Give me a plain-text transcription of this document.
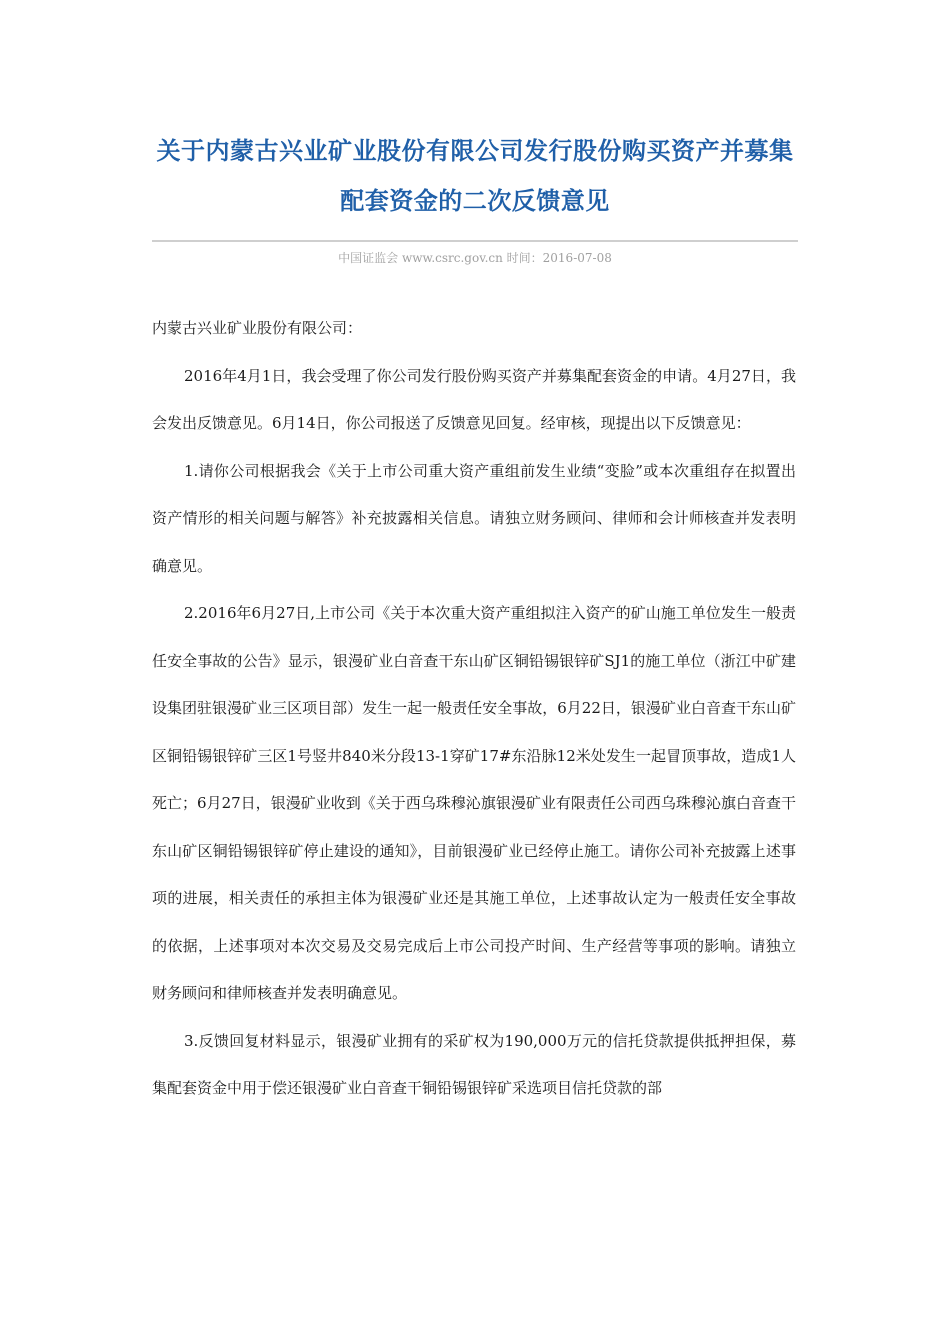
关于内蒙古兴业矿业股份有限公司发行股份购买资产并募集
配套资金的二次反馈意见
中国证监会 www.csrc.gov.cn 时间：2016-07-08

内蒙古兴业矿业股份有限公司：

2016年4月1日，我会受理了你公司发行股份购买资产并募集配套资金的申请。4月27日，我会发出反馈意见。6月14日，你公司报送了反馈意见回复。经审核，现提出以下反馈意见：

1.请你公司根据我会《关于上市公司重大资产重组前发生业绩“变脸”或本次重组存在拟置出资产情形的相关问题与解答》补充披露相关信息。请独立财务顾问、律师和会计师核查并发表明确意见。

2.2016年6月27日,上市公司《关于本次重大资产重组拟注入资产的矿山施工单位发生一般责任安全事故的公告》显示，银漫矿业白音查干东山矿区铜铅锡银锌矿SJ1的施工单位（浙江中矿建设集团驻银漫矿业三区项目部）发生一起一般责任安全事故，6月22日，银漫矿业白音查干东山矿区铜铅锡银锌矿三区1号竖井840米分段13-1穿矿17#东沿脉12米处发生一起冒顶事故，造成1人死亡；6月27日，银漫矿业收到《关于西乌珠穆沁旗银漫矿业有限责任公司西乌珠穆沁旗白音查干东山矿区铜铅锡银锌矿停止建设的通知》，目前银漫矿业已经停止施工。请你公司补充披露上述事项的进展，相关责任的承担主体为银漫矿业还是其施工单位，上述事故认定为一般责任安全事故的依据，上述事项对本次交易及交易完成后上市公司投产时间、生产经营等事项的影响。请独立财务顾问和律师核查并发表明确意见。

3.反馈回复材料显示，银漫矿业拥有的采矿权为190,000万元的信托贷款提供抵押担保，募集配套资金中用于偿还银漫矿业白音查干铜铅锡银锌矿采选项目信托贷款的部
